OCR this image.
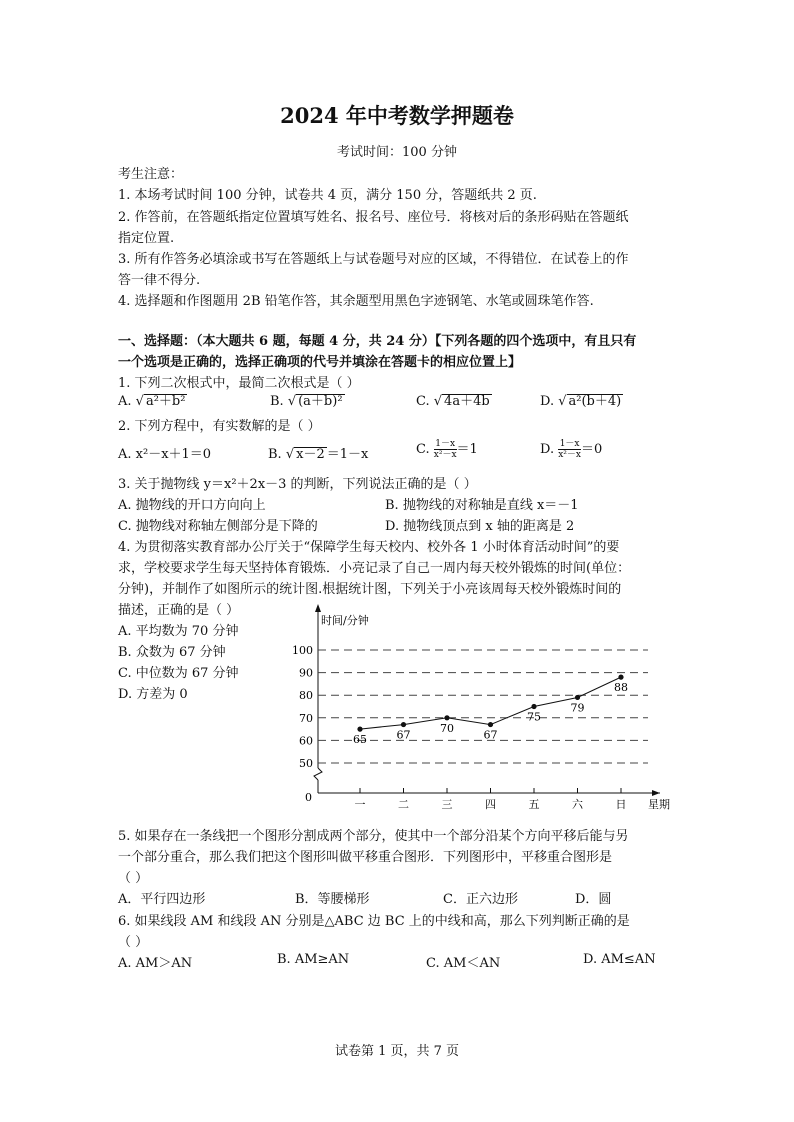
2024 年中考数学押题卷
考试时间：100 分钟
考生注意：
1. 本场考试时间 100 分钟，试卷共 4 页，满分 150 分，答题纸共 2 页.
2. 作答前，在答题纸指定位置填写姓名、报名号、座位号．将核对后的条形码贴在答题纸
指定位置.
3. 所有作答务必填涂或书写在答题纸上与试卷题号对应的区域，不得错位．在试卷上的作
答一律不得分.
4. 选择题和作图题用 2B 铅笔作答，其余题型用黑色字迹钢笔、水笔或圆珠笔作答.
一、选择题：（本大题共 6 题，每题 4 分，共 24 分）【下列各题的四个选项中，有且只有
一个选项是正确的，选择正确项的代号并填涂在答题卡的相应位置上】
1. 下列二次根式中，最简二次根式是（ ）
A. √ a²＋b²	B. √ (a＋b)²	C. √ 4a＋4b	D. √ a²(b＋4)
2. 下列方程中，有实数解的是（ ）
A. x²－x＋1＝0	B. √ x－2 ＝1－x	C. $\frac{1-x}{\text{x²－x}} =1$	D. $\frac{1-x}{\text{x²－x}} =0$
3. 关于抛物线 y＝x²＋2x－3 的判断，下列说法正确的是（ ）
A. 抛物线的开口方向向上	B. 抛物线的对称轴是直线 x＝－1
C. 抛物线对称轴左侧部分是下降的	D. 抛物线顶点到 x 轴的距离是 2
4. 为贯彻落实教育部办公厅关于“保障学生每天校内、校外各 1 小时体育活动时间”的要
求，学校要求学生每天坚持体育锻炼．小亮记录了自己一周内每天校外锻炼的时间(单位：
分钟)，并制作了如图所示的统计图.根据统计图，下列关于小亮该周每天校外锻炼时间的
描述，正确的是（ ）
A. 平均数为 70 分钟
B. 众数为 67 分钟
C. 中位数为 67 分钟
D. 方差为 0
时间/分钟
星期
0
50
60
70
80
90
100
一	二	三	四	五	六	日
65	67
70
67
75
79
88
5. 如果存在一条线把一个图形分割成两个部分，使其中一个部分沿某个方向平移后能与另
一个部分重合，那么我们把这个图形叫做平移重合图形．下列图形中，平移重合图形是
（ ）
A．平行四边形	B．等腰梯形	C．正六边形	D．圆
6. 如果线段 AM 和线段 AN 分别是△ABC 边 BC 上的中线和高，那么下列判断正确的是
（ ）
A. AM＞AN	B. AM≥AN	C. AM＜AN	D. AM≤AN
试卷第 1 页，共 7 页
